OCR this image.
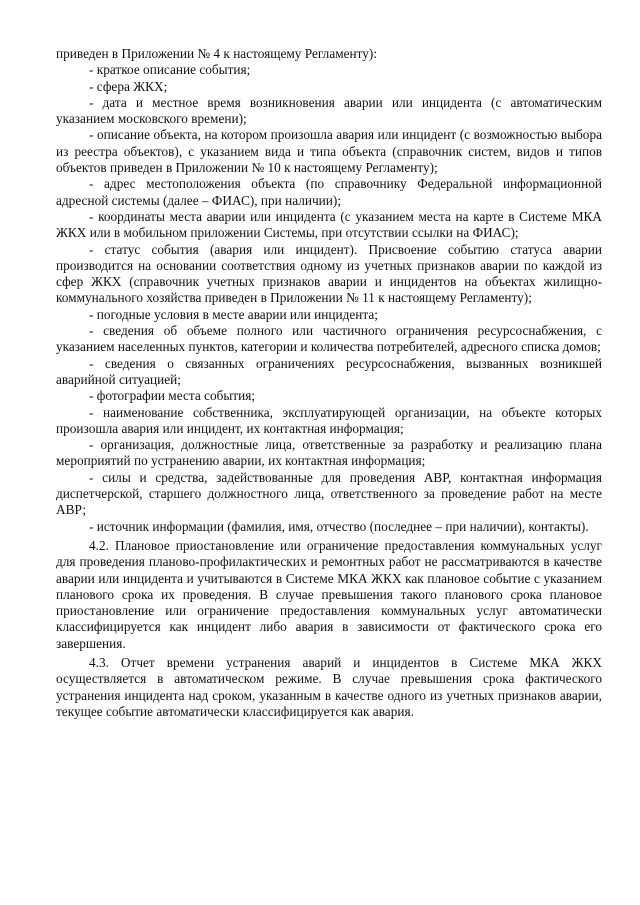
приведен в Приложении № 4 к настоящему Регламенту):

- краткое описание события;

- сфера ЖКХ;

- дата и местное время возникновения аварии или инцидента (с автоматическим указанием московского времени);

- описание объекта, на котором произошла авария или инцидент (с возможностью выбора из реестра объектов), с указанием вида и типа объекта (справочник систем, видов и типов объектов приведен в Приложении № 10 к настоящему Регламенту);

- адрес местоположения объекта (по справочнику Федеральной информационной адресной системы (далее – ФИАС), при наличии);

- координаты места аварии или инцидента (с указанием места на карте в Системе МКА ЖКХ или в мобильном приложении Системы, при отсутствии ссылки на ФИАС);

- статус события (авария или инцидент). Присвоение событию статуса аварии производится на основании соответствия одному из учетных признаков аварии по каждой из сфер ЖКХ (справочник учетных признаков аварии и инцидентов на объектах жилищно-коммунального хозяйства приведен в Приложении № 11 к настоящему Регламенту);

- погодные условия в месте аварии или инцидента;

- сведения об объеме полного или частичного ограничения ресурсоснабжения, с указанием населенных пунктов, категории и количества потребителей, адресного списка домов;

- сведения о связанных ограничениях ресурсоснабжения, вызванных возникшей аварийной ситуацией;

- фотографии места события;

- наименование собственника, эксплуатирующей организации, на объекте которых произошла авария или инцидент, их контактная информация;

- организация, должностные лица, ответственные за разработку и реализацию плана мероприятий по устранению аварии, их контактная информация;

- силы и средства, задействованные для проведения АВР, контактная информация диспетчерской, старшего должностного лица, ответственного за проведение работ на месте АВР;

- источник информации (фамилия, имя, отчество (последнее – при наличии), контакты).

4.2. Плановое приостановление или ограничение предоставления коммунальных услуг для проведения планово-профилактических и ремонтных работ не рассматриваются в качестве аварии или инцидента и учитываются в Системе МКА ЖКХ как плановое событие с указанием планового срока их проведения. В случае превышения такого планового срока плановое приостановление или ограничение предоставления коммунальных услуг автоматически классифицируется как инцидент либо авария в зависимости от фактического срока его завершения.

4.3. Отчет времени устранения аварий и инцидентов в Системе МКА ЖКХ осуществляется в автоматическом режиме. В случае превышения срока фактического устранения инцидента над сроком, указанным в качестве одного из учетных признаков аварии, текущее событие автоматически классифицируется как авария.
